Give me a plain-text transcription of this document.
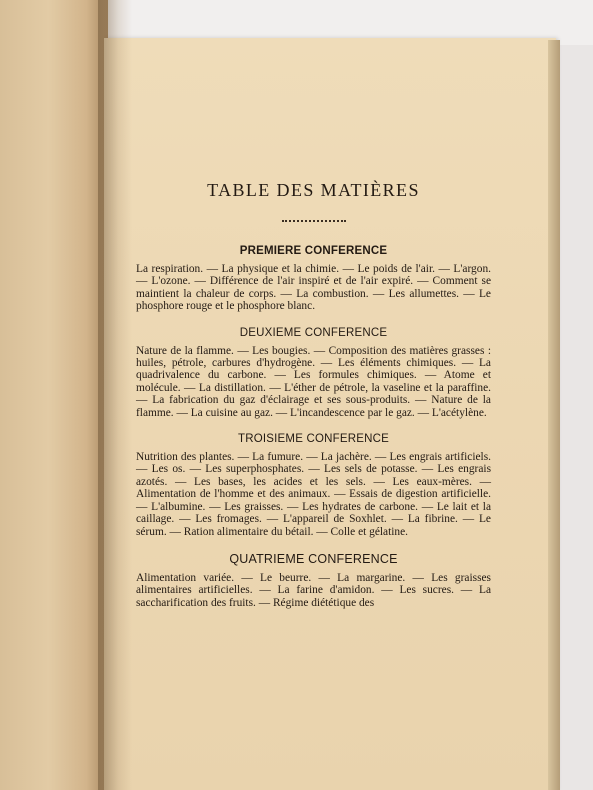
TABLE DES MATIÈRES
PREMIERE CONFERENCE

La respiration. — La physique et la chimie. — Le poids de l'air. — L'argon. — L'ozone. — Différence de l'air inspiré et de l'air expiré. — Comment se maintient la chaleur de corps. — La combustion. — Les allumettes. — Le phosphore rouge et le phosphore blanc.

DEUXIEME CONFERENCE

Nature de la flamme. — Les bougies. — Composition des matières grasses : huiles, pétrole, carbures d'hydrogène. — Les éléments chimiques. — La quadrivalence du carbone. — Les formules chimiques. — Atome et molécule. — La distillation. — L'éther de pétrole, la vaseline et la paraffine. — La fabrication du gaz d'éclairage et ses sous-produits. — Nature de la flamme. — La cuisine au gaz. — L'incandescence par le gaz. — L'acétylène.

TROISIEME CONFERENCE

Nutrition des plantes. — La fumure. — La jachère. — Les engrais artificiels. — Les os. — Les superphosphates. — Les sels de potasse. — Les engrais azotés. — Les bases, les acides et les sels. — Les eaux-mères. — Alimentation de l'homme et des animaux. — Essais de digestion artificielle. — L'albumine. — Les graisses. — Les hydrates de carbone. — Le lait et la caillage. — Les fromages. — L'appareil de Soxhlet. — La fibrine. — Le sérum. — Ration alimentaire du bétail. — Colle et gélatine.

QUATRIEME CONFERENCE

Alimentation variée. — Le beurre. — La margarine. — Les graisses alimentaires artificielles. — La farine d'amidon. — Les sucres. — La saccharification des fruits. — Régime diététique des
